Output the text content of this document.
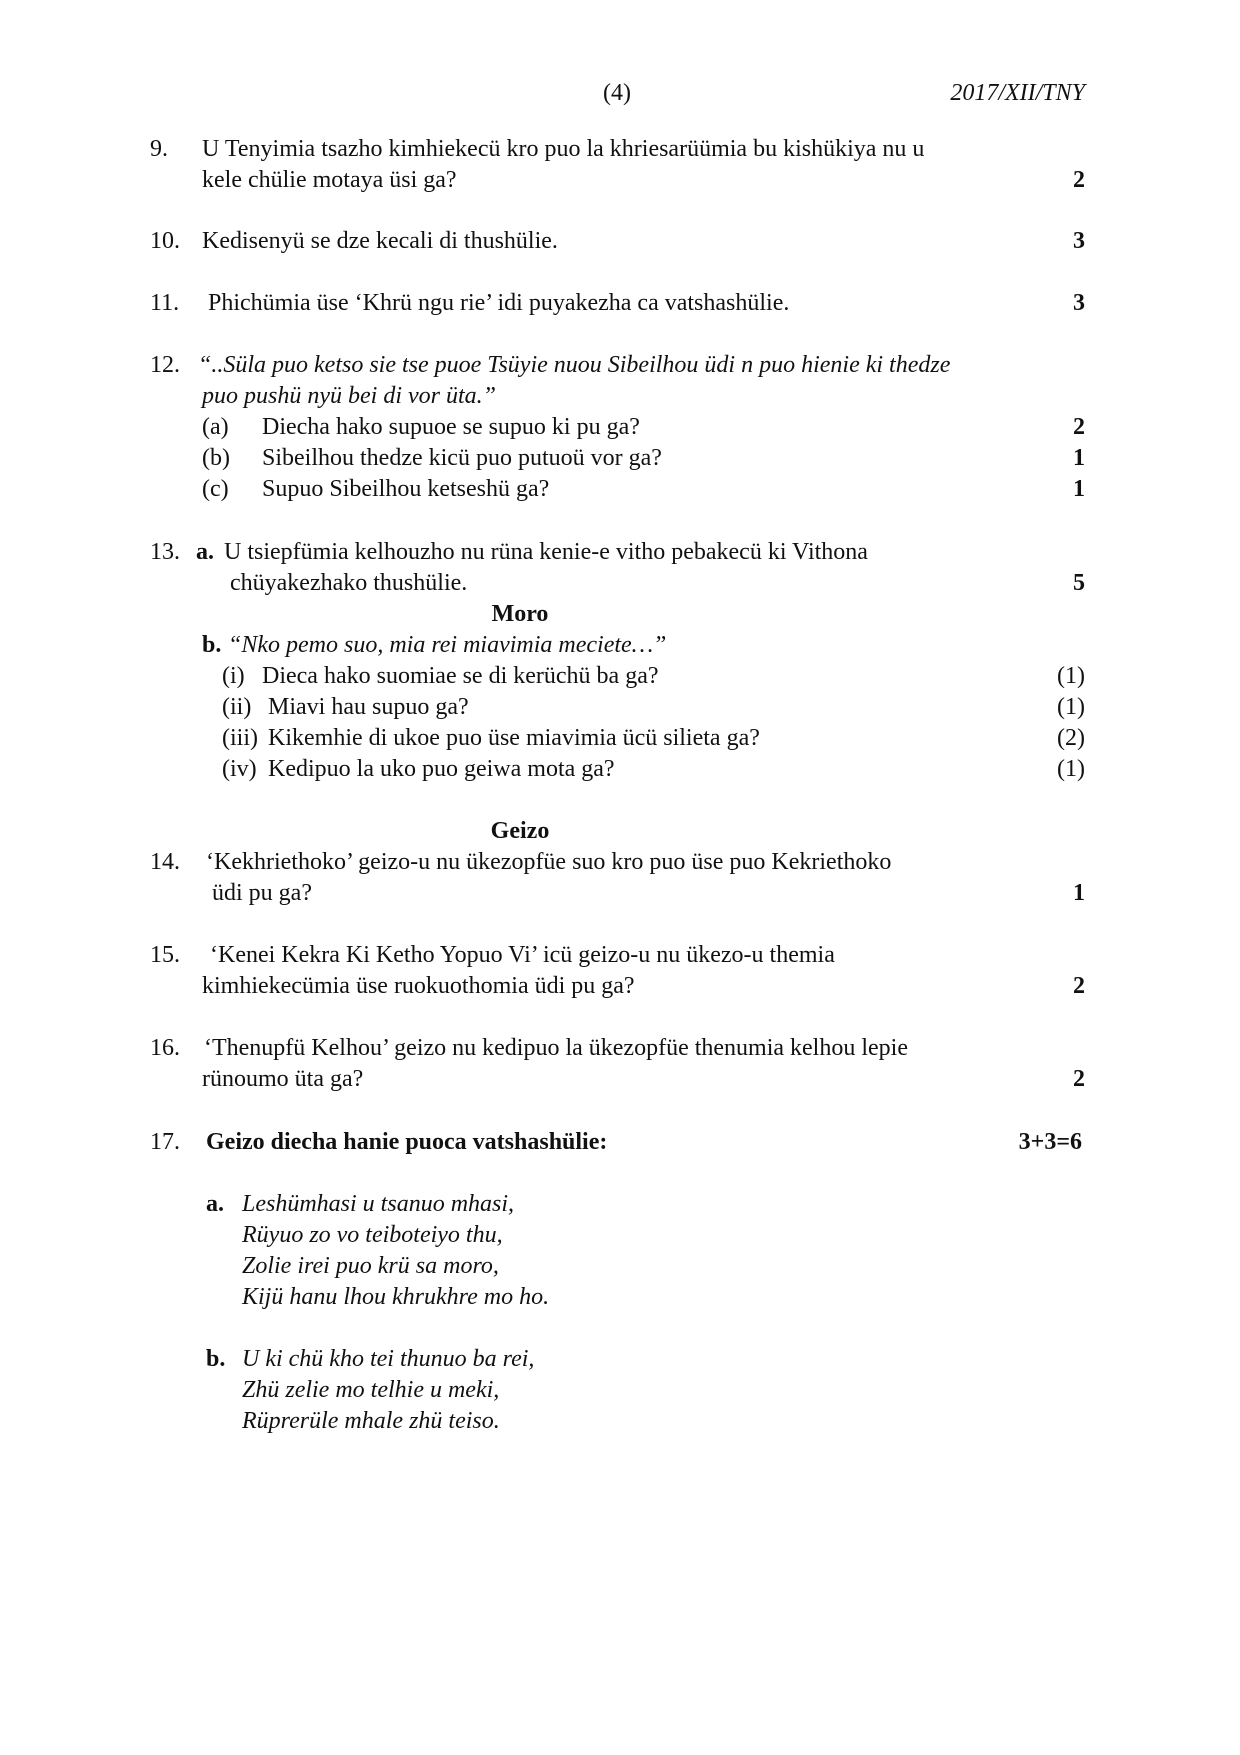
(4)	2017/XII/TNY
9. U Tenyimia tsazho kimhiekecü kro puo la khriesarüümia bu kishükiya nu u
kele chülie motaya üsi ga?	2
10. Kedisenyü se dze kecali di thushülie.	3
11. Phichümia üse ‘Khrü ngu rie’ idi puyakezha ca vatshashülie.	3
12. “..Süla puo ketso sie tse puoe Tsüyie nuou Sibeilhou üdi n puo hienie ki thedze
puo pushü nyü bei di vor üta.”
(a) Diecha hako supuoe se supuo ki pu ga?	2
(b) Sibeilhou thedze kicü puo putuoü vor ga?	1
(c) Supuo Sibeilhou ketseshü ga?	1
13. a. U tsiepfümia kelhouzho nu rüna kenie-e vitho pebakecü ki Vithona
chüyakezhako thushülie.	5
Moro
b. “Nko pemo suo, mia rei miavimia meciete…”
(i) Dieca hako suomiae se di kerüchü ba ga?	(1)
(ii) Miavi hau supuo ga?	(1)
(iii) Kikemhie di ukoe puo üse miavimia ücü silieta ga?	(2)
(iv) Kedipuo la uko puo geiwa mota ga?	(1)
Geizo
14. ‘Kekhriethoko’ geizo-u nu ükezopfüe suo kro puo üse puo Kekriethoko
üdi pu ga?	1
15. ‘Kenei Kekra Ki Ketho Yopuo Vi’ icü geizo-u nu ükezo-u themia
kimhiekecümia üse ruokuothomia üdi pu ga?	2
16. ‘Thenupfü Kelhou’ geizo nu kedipuo la ükezopfüe thenumia kelhou lepie
rünoumo üta ga?	2
17. Geizo diecha hanie puoca vatshashülie:	3+3=6
a. Leshümhasi u tsanuo mhasi,
Rüyuo zo vo teiboteiyo thu,
Zolie irei puo krü sa moro,
Kijü hanu lhou khrukhre mo ho.
b. U ki chü kho tei thunuo ba rei,
Zhü zelie mo telhie u meki,
Rüprerüle mhale zhü teiso.
